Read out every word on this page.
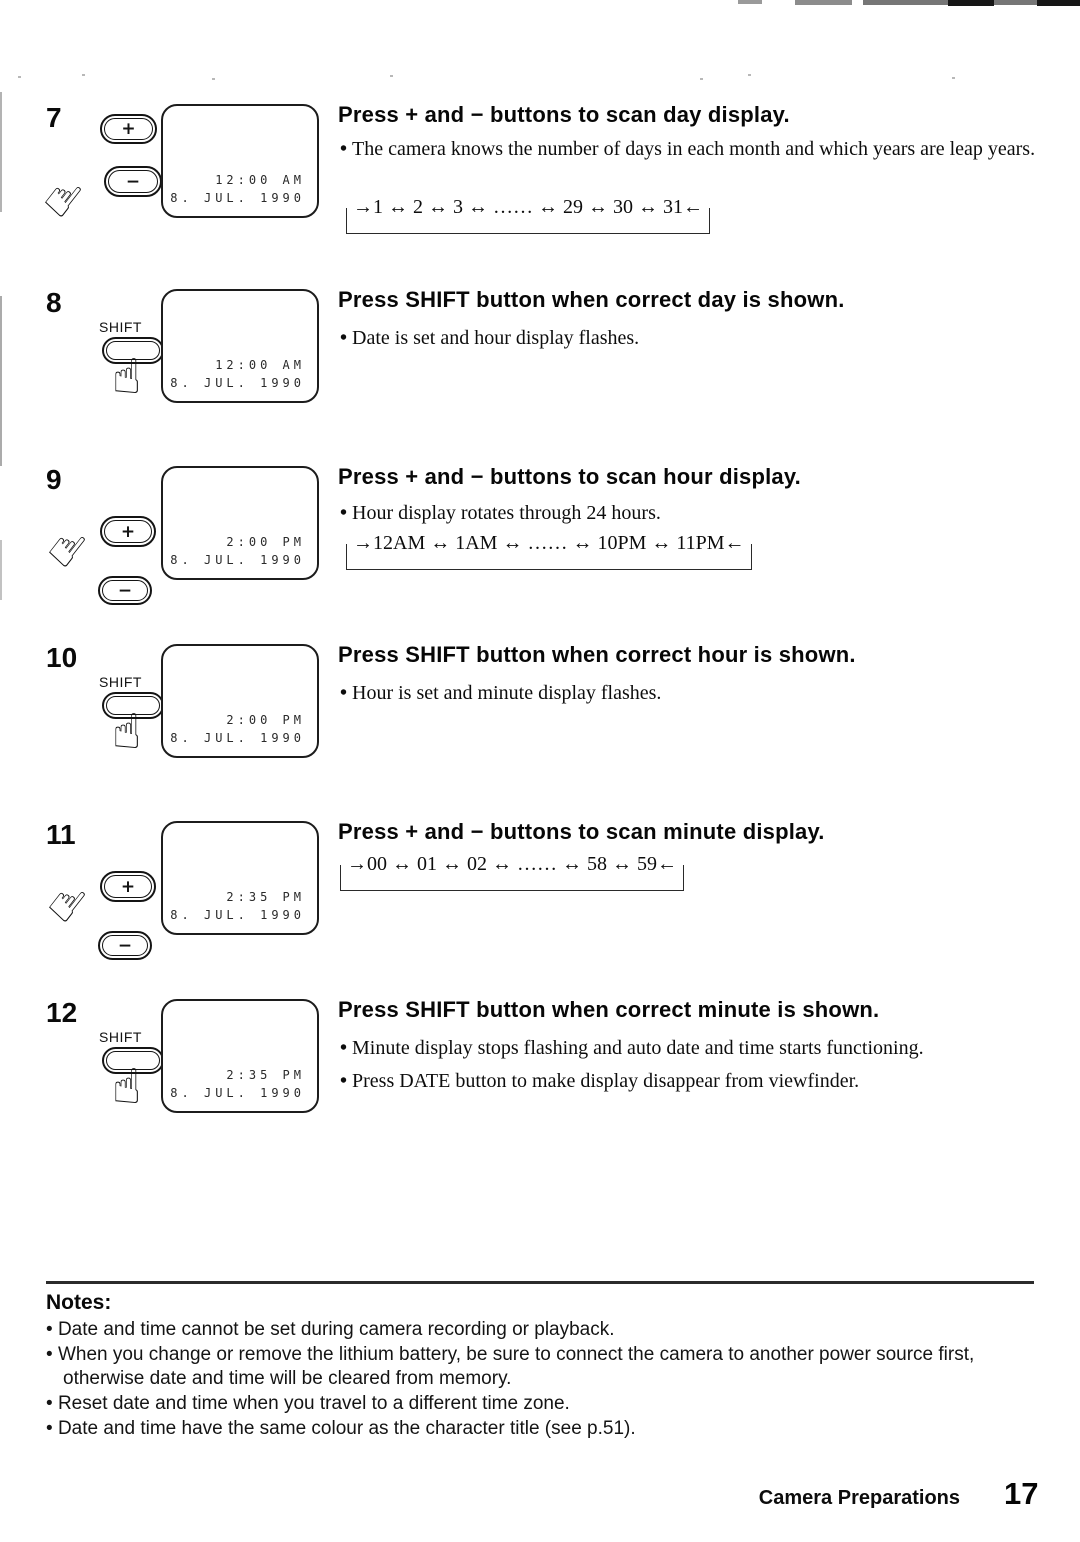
7	+
−
☝	12:00 AM
8. JUL. 1990
Press + and − buttons to scan day display.
• The camera knows the number of days in each month and which years are leap years.
→1 ↔ 2 ↔ 3 ↔ …… ↔ 29 ↔ 30 ↔ 31←
8
SHIFT
☝	12:00 AM
8. JUL. 1990
Press SHIFT button when correct day is shown.
• Date is set and hour display flashes.
9
+
☝
−
2:00 PM
8. JUL. 1990
Press + and − buttons to scan hour display.
• Hour display rotates through 24 hours.
→12AM ↔ 1AM ↔ …… ↔ 10PM ↔ 11PM←
10
SHIFT
☝	2:00 PM
8. JUL. 1990
Press SHIFT button when correct hour is shown.
• Hour is set and minute display flashes.
11
+
☝
−
2:35 PM
8. JUL. 1990
Press + and − buttons to scan minute display.
→00 ↔ 01 ↔ 02 ↔ …… ↔ 58 ↔ 59←
12
SHIFT
☝	2:35 PM
8. JUL. 1990
Press SHIFT button when correct minute is shown.
• Minute display stops flashing and auto date and time starts functioning.
• Press DATE button to make display disappear from viewfinder.
Notes:
• Date and time cannot be set during camera recording or playback.
• When you change or remove the lithium battery, be sure to connect the camera to another power source first, otherwise date and time will be cleared from memory.
• Reset date and time when you travel to a different time zone.
• Date and time have the same colour as the character title (see p.51).
Camera Preparations 17
